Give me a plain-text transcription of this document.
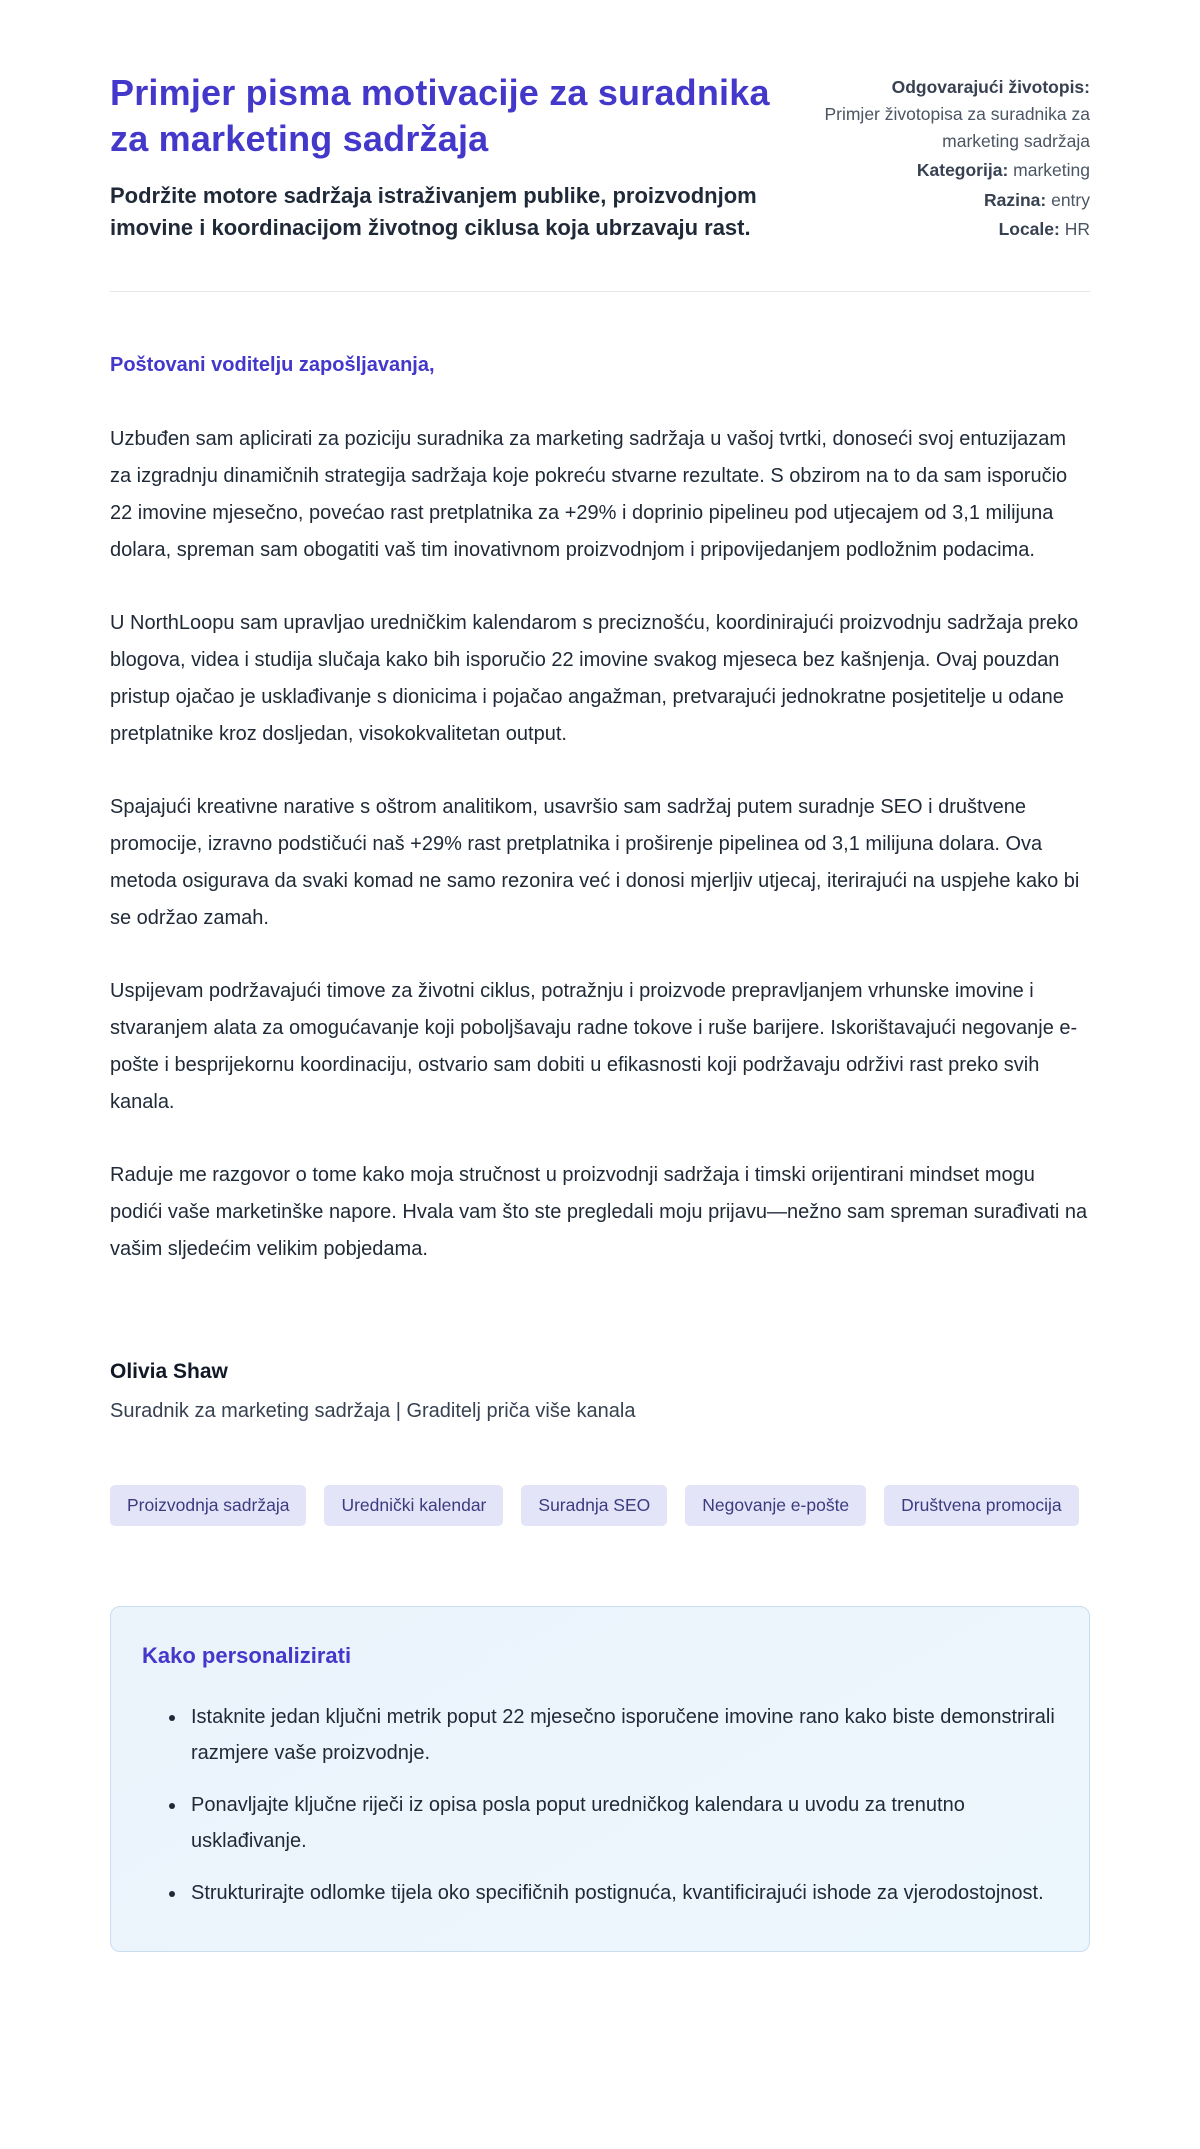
Primjer pisma motivacije za suradnika za marketing sadržaja

Podržite motore sadržaja istraživanjem publike, proizvodnjom imovine i koordinacijom životnog ciklusa koja ubrzavaju rast.

Odgovarajući životopis:
Primjer životopisa za suradnika za marketing sadržaja
Kategorija: marketing
Razina: entry
Locale: HR

Poštovani voditelju zapošljavanja,

Uzbuđen sam aplicirati za poziciju suradnika za marketing sadržaja u vašoj tvrtki, donoseći svoj entuzijazam za izgradnju dinamičnih strategija sadržaja koje pokreću stvarne rezultate. S obzirom na to da sam isporučio 22 imovine mjesečno, povećao rast pretplatnika za +29% i doprinio pipelineu pod utjecajem od 3,1 milijuna dolara, spreman sam obogatiti vaš tim inovativnom proizvodnjom i pripovijedanjem podložnim podacima.

U NorthLoopu sam upravljao uredničkim kalendarom s preciznošću, koordinirajući proizvodnju sadržaja preko blogova, videa i studija slučaja kako bih isporučio 22 imovine svakog mjeseca bez kašnjenja. Ovaj pouzdan pristup ojačao je usklađivanje s dionicima i pojačao angažman, pretvarajući jednokratne posjetitelje u odane pretplatnike kroz dosljedan, visokokvalitetan output.

Spajajući kreativne narative s oštrom analitikom, usavršio sam sadržaj putem suradnje SEO i društvene promocije, izravno podstičući naš +29% rast pretplatnika i proširenje pipelinea od 3,1 milijuna dolara. Ova metoda osigurava da svaki komad ne samo rezonira već i donosi mjerljiv utjecaj, iterirajući na uspjehe kako bi se održao zamah.

Uspijevam podržavajući timove za životni ciklus, potražnju i proizvode prepravljanjem vrhunske imovine i stvaranjem alata za omogućavanje koji poboljšavaju radne tokove i ruše barijere. Iskorištavajući negovanje e-pošte i besprijekornu koordinaciju, ostvario sam dobiti u efikasnosti koji podržavaju održivi rast preko svih kanala.

Raduje me razgovor o tome kako moja stručnost u proizvodnji sadržaja i timski orijentirani mindset mogu podići vaše marketinške napore. Hvala vam što ste pregledali moju prijavu—nežno sam spreman surađivati na vašim sljedećim velikim pobjedama.

Olivia Shaw

Suradnik za marketing sadržaja | Graditelj priča više kanala

Proizvodnja sadržaja	Urednički kalendar	Suradnja SEO	Negovanje e-pošte	Društvena promocija
Kako personalizirati
• Istaknite jedan ključni metrik poput 22 mjesečno isporučene imovine rano kako biste demonstrirali razmjere vaše proizvodnje.
• Ponavljajte ključne riječi iz opisa posla poput uredničkog kalendara u uvodu za trenutno usklađivanje.
• Strukturirajte odlomke tijela oko specifičnih postignuća, kvantificirajući ishode za vjerodostojnost.
